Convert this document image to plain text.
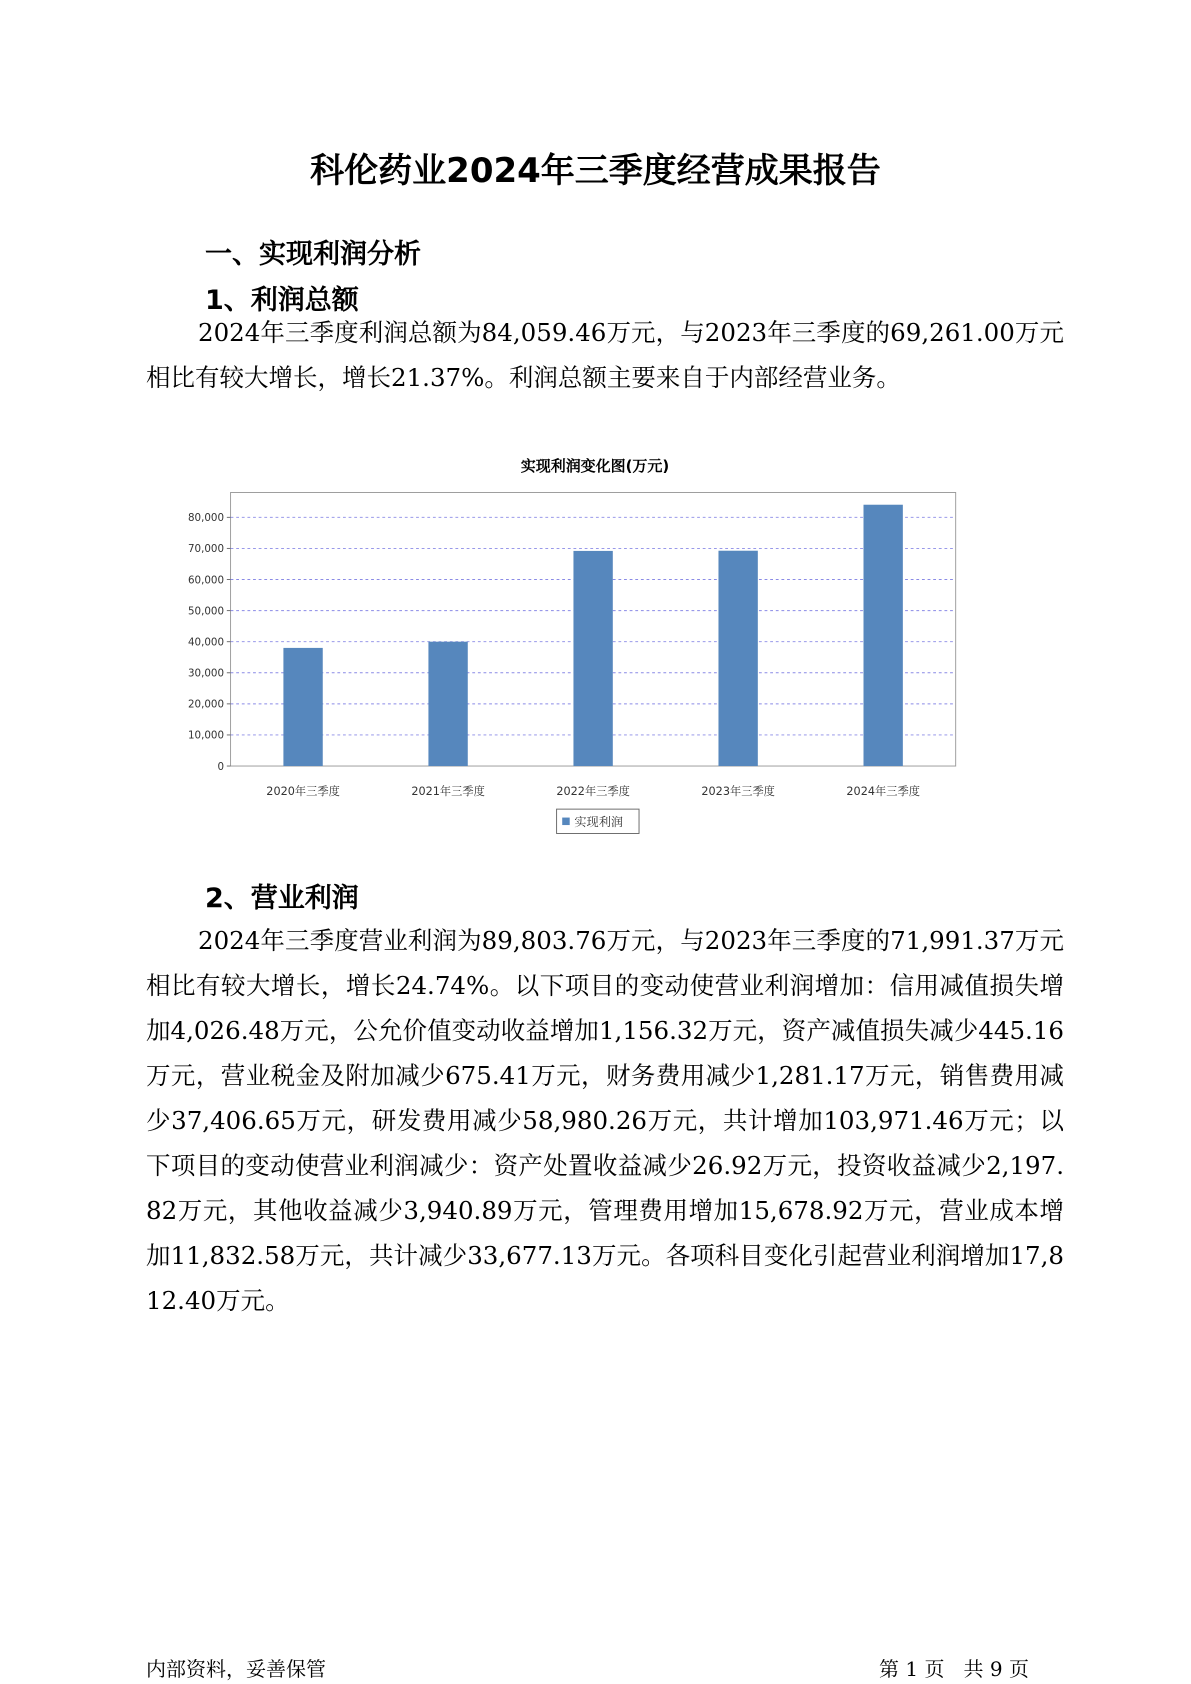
科伦药业2024年三季度经营成果报告
一、实现利润分析
1、利润总额

2024年三季度利润总额为84,059.46万元，与2023年三季度的69,261.00万元相比有较大增长，增长21.37%。利润总额主要来自于内部经营业务。

实现利润变化图(万元)
0
10,000
20,000
30,000
40,000
50,000
60,000
70,000
80,000
2020年三季度	2021年三季度	2022年三季度	2023年三季度	2024年三季度
实现利润
2、营业利润

2024年三季度营业利润为89,803.76万元，与2023年三季度的71,991.37万元相比有较大增长，增长24.74%。以下项目的变动使营业利润增加：信用减值损失增加4,026.48万元，公允价值变动收益增加1,156.32万元，资产减值损失减少445.16万元，营业税金及附加减少675.41万元，财务费用减少1,281.17万元，销售费用减少37,406.65万元，研发费用减少58,980.26万元，共计增加103,971.46万元；以下项目的变动使营业利润减少：资产处置收益减少26.92万元，投资收益减少2,197.82万元，其他收益减少3,940.89万元，管理费用增加15,678.92万元，营业成本增加11,832.58万元，共计减少33,677.13万元。各项科目变化引起营业利润增加17,812.40万元。

内部资料，妥善保管	第 1 页   共 9 页
